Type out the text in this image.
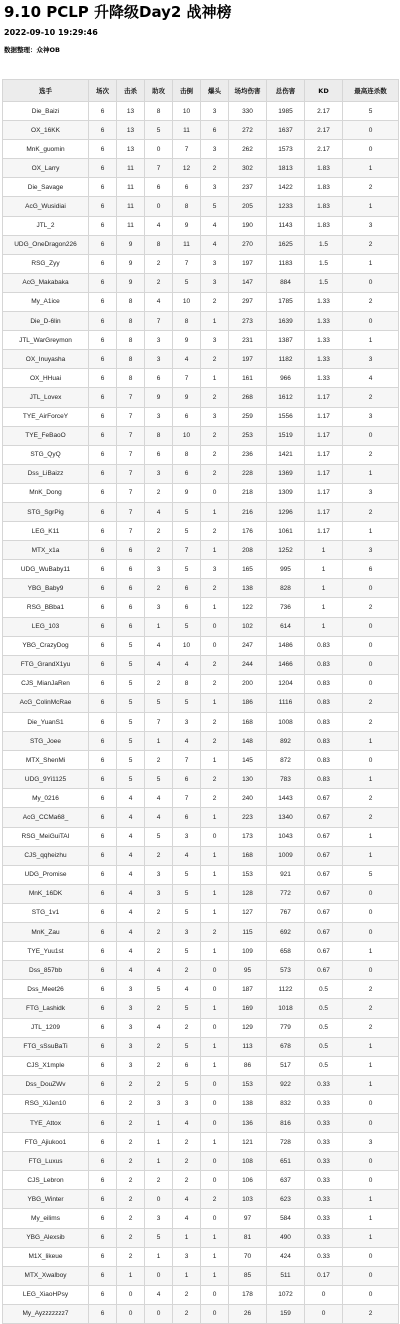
9.10 PCLP 升降级Day2 战神榜
2022-09-10 19:29:46
数据整理：众神OB
选手	场次	击杀	助攻	击倒	爆头	场均伤害	总伤害	KD	最高连杀数
Die_Baizi	6	13	8	10	3	330	1985	2.17	5
OX_16KK	6	13	5	11	6	272	1637	2.17	0
MnK_guomin	6	13	0	7	3	262	1573	2.17	0
OX_Larry	6	11	7	12	2	302	1813	1.83	1
Die_Savage	6	11	6	6	3	237	1422	1.83	2
AcG_Wusidiai	6	11	0	8	5	205	1233	1.83	1
JTL_2	6	11	4	9	4	190	1143	1.83	3
UDG_OneDragon226	6	9	8	11	4	270	1625	1.5	2
RSG_Zyy	6	9	2	7	3	197	1183	1.5	1
AcG_Makabaka	6	9	2	5	3	147	884	1.5	0
My_A1ice	6	8	4	10	2	297	1785	1.33	2
Die_D-6lin	6	8	7	8	1	273	1639	1.33	0
JTL_WarGreymon	6	8	3	9	3	231	1387	1.33	1
OX_Inuyasha	6	8	3	4	2	197	1182	1.33	3
OX_HHuai	6	8	6	7	1	161	966	1.33	4
JTL_Lovex	6	7	9	9	2	268	1612	1.17	2
TYE_AirForceY	6	7	3	6	3	259	1556	1.17	3
TYE_FeBaoO	6	7	8	10	2	253	1519	1.17	0
STG_QyQ	6	7	6	8	2	236	1421	1.17	2
Dss_LiBaizz	6	7	3	6	2	228	1369	1.17	1
MnK_Dong	6	7	2	9	0	218	1309	1.17	3
STG_SgrPig	6	7	4	5	1	216	1296	1.17	2
LEG_K11	6	7	2	5	2	176	1061	1.17	1
MTX_x1a	6	6	2	7	1	208	1252	1	3
UDG_WuBaby11	6	6	3	5	3	165	995	1	6
YBG_Baby9	6	6	2	6	2	138	828	1	0
RSG_BBba1	6	6	3	6	1	122	736	1	2
LEG_103	6	6	1	5	0	102	614	1	0
YBG_CrazyDog	6	5	4	10	0	247	1486	0.83	0
FTG_GrandX1yu	6	5	4	4	2	244	1466	0.83	0
CJS_MianJaRen	6	5	2	8	2	200	1204	0.83	0
AcG_ColinMcRae	6	5	5	5	1	186	1116	0.83	2
Die_YuanS1	6	5	7	3	2	168	1008	0.83	2
STG_Joee	6	5	1	4	2	148	892	0.83	1
MTX_ShenMi	6	5	2	7	1	145	872	0.83	0
UDG_9Yi1125	6	5	5	6	2	130	783	0.83	1
My_0216	6	4	4	7	2	240	1443	0.67	2
AcG_CCMa68_	6	4	4	6	1	223	1340	0.67	2
RSG_MeiGuiTAI	6	4	5	3	0	173	1043	0.67	1
CJS_qqheizhu	6	4	2	4	1	168	1009	0.67	1
UDG_Promise	6	4	3	5	1	153	921	0.67	5
MnK_16DK	6	4	3	5	1	128	772	0.67	0
STG_1v1	6	4	2	5	1	127	767	0.67	0
MnK_Zau	6	4	2	3	2	115	692	0.67	0
TYE_Yuu1st	6	4	2	5	1	109	658	0.67	1
Dss_857bb	6	4	4	2	0	95	573	0.67	0
Dss_Meet26	6	3	5	4	0	187	1122	0.5	2
FTG_Lashidk	6	3	2	5	1	169	1018	0.5	2
JTL_1209	6	3	4	2	0	129	779	0.5	2
FTG_sSsuBaTi	6	3	2	5	1	113	678	0.5	1
CJS_X1mple	6	3	2	6	1	86	517	0.5	1
Dss_DouZWv	6	2	2	5	0	153	922	0.33	1
RSG_XiJen10	6	2	3	3	0	138	832	0.33	0
TYE_Attox	6	2	1	4	0	136	816	0.33	0
FTG_Ajiukoo1	6	2	1	2	1	121	728	0.33	3
FTG_Luxus	6	2	1	2	0	108	651	0.33	0
CJS_Lebron	6	2	2	2	0	106	637	0.33	0
YBG_Winter	6	2	0	4	2	103	623	0.33	1
My_eilims	6	2	3	4	0	97	584	0.33	1
YBG_Alexsib	6	2	5	1	1	81	490	0.33	1
M1X_likeue	6	2	1	3	1	70	424	0.33	0
MTX_Xwalboy	6	1	0	1	1	85	511	0.17	0
LEG_XiaoHPsy	6	0	4	2	0	178	1072	0	0
My_Ayzzzzzzz7	6	0	0	2	0	26	159	0	2
